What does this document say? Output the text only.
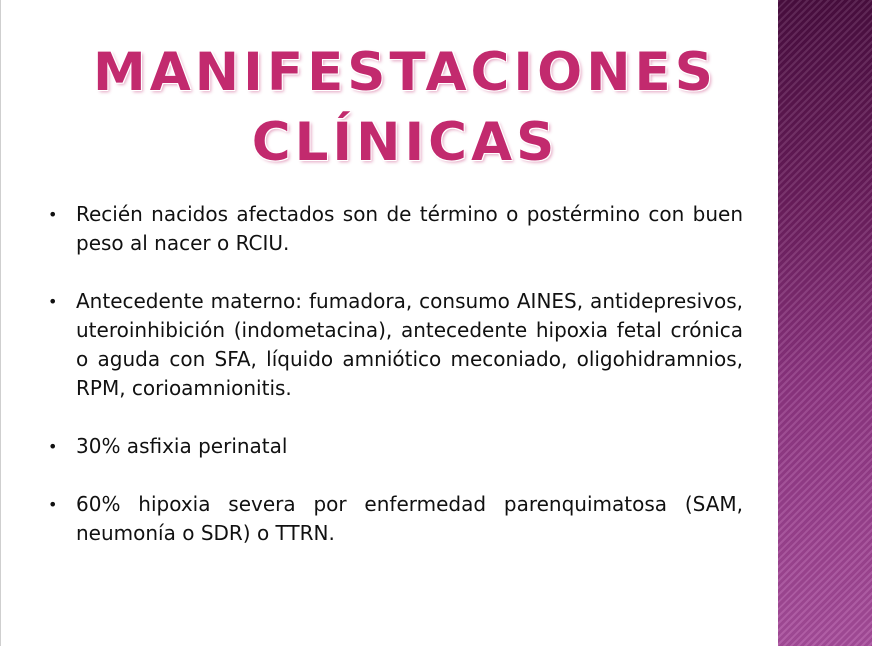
MANIFESTACIONES
CLÍNICAS
• Recién nacidos afectados son de término o postérmino con buen peso al nacer o RCIU.
• Antecedente materno: fumadora, consumo AINES, antidepresivos, uteroinhibición (indometacina), antecedente hipoxia fetal crónica o aguda con SFA, líquido amniótico meconiado, oligohidramnios, RPM, corioamnionitis.
• 30% asfixia perinatal
• 60% hipoxia severa por enfermedad parenquimatosa (SAM, neumonía o SDR) o TTRN.
